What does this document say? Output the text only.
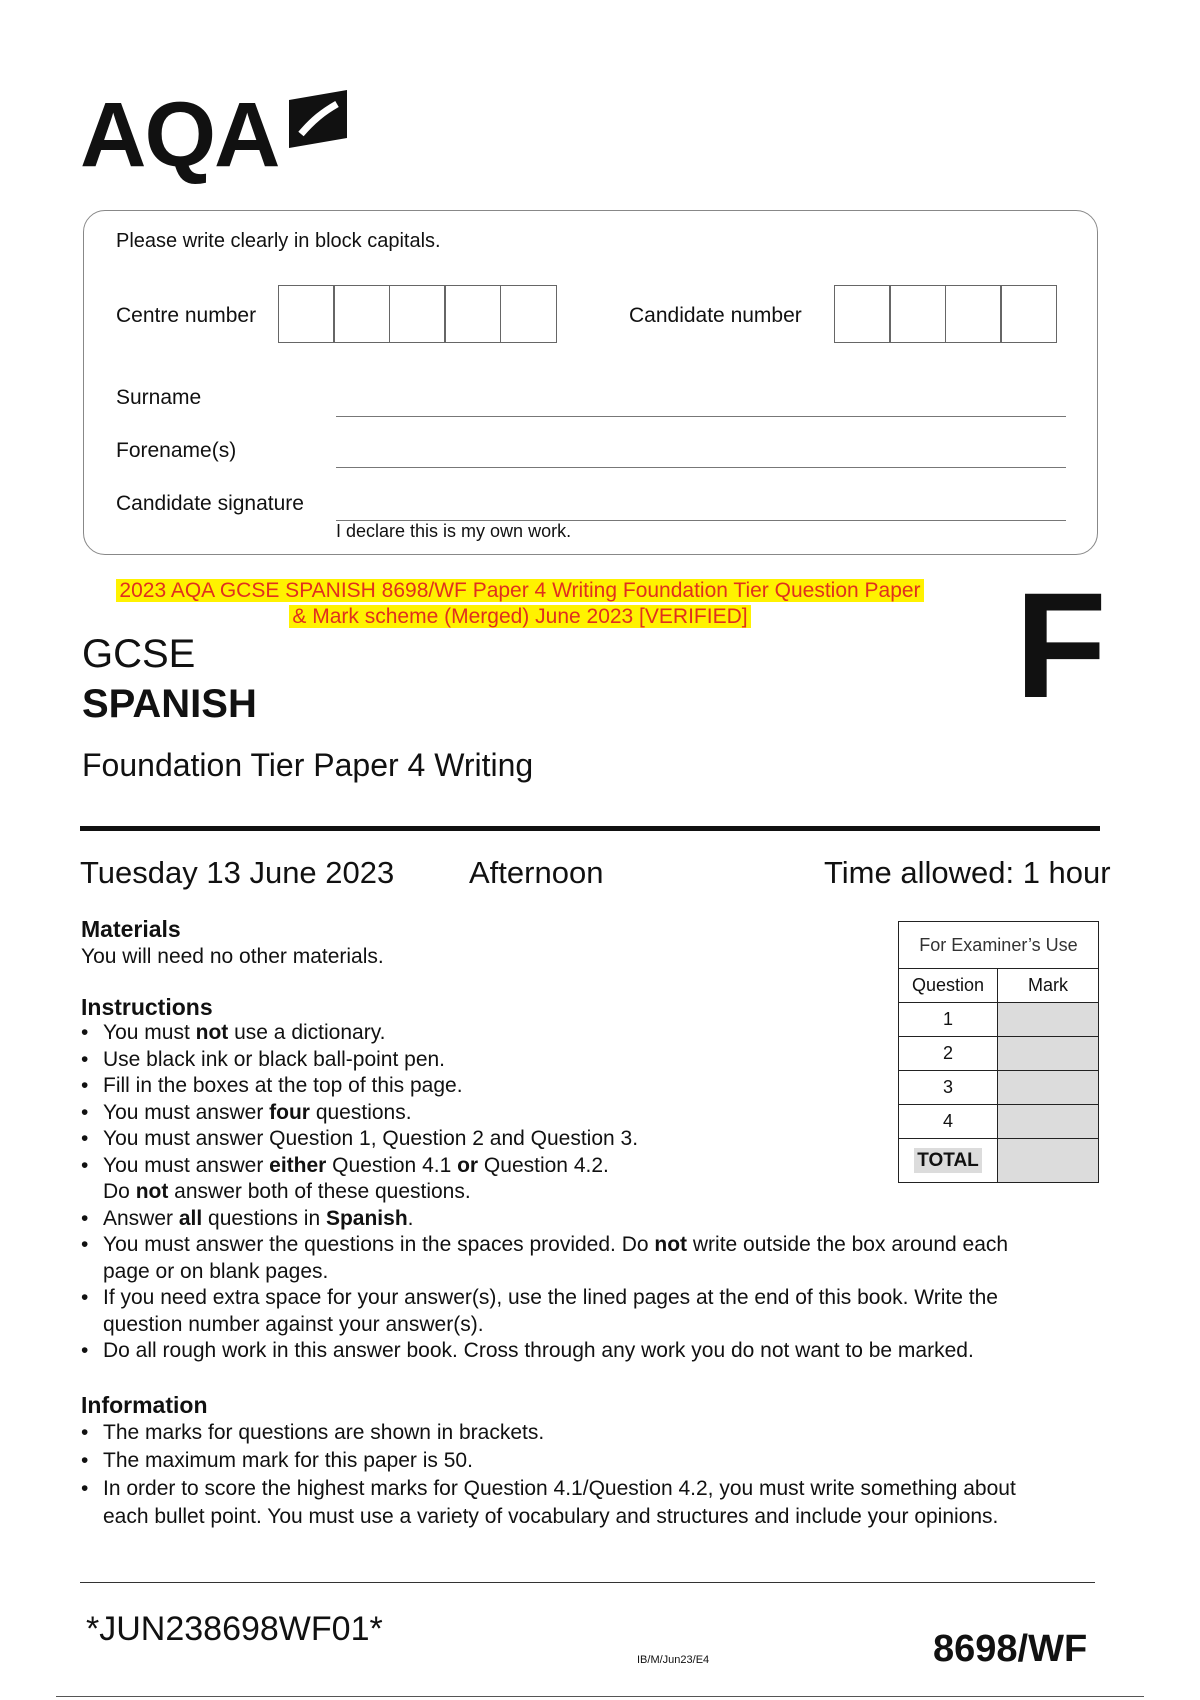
AQA
Please write clearly in block capitals.
Centre number	Candidate number
Surname
Forename(s)
Candidate signature
I declare this is my own work.
2023 AQA GCSE SPANISH 8698/WF Paper 4 Writing Foundation Tier Question Paper
& Mark scheme (Merged) June 2023 [VERIFIED]	F
GCSE
SPANISH
Foundation Tier Paper 4 Writing
Tuesday 13 June 2023 Afternoon	Time allowed: 1 hour
Materials
You will need no other materials.
Instructions
• You must not use a dictionary.
• Use black ink or black ball-point pen.
• Fill in the boxes at the top of this page.
• You must answer four questions.
• You must answer Question 1, Question 2 and Question 3.
• You must answer either Question 4.1 or Question 4.2.
Do not answer both of these questions.
• Answer all questions in Spanish.
• You must answer the questions in the spaces provided. Do not write outside the box around each
page or on blank pages.
• If you need extra space for your answer(s), use the lined pages at the end of this book. Write the
question number against your answer(s).
• Do all rough work in this answer book. Cross through any work you do not want to be marked.
Information
• The marks for questions are shown in brackets.
• The maximum mark for this paper is 50.
• In order to score the highest marks for Question 4.1/Question 4.2, you must write something about
each bullet point. You must use a variety of vocabulary and structures and include your opinions.
For Examiner’s Use	
Question	Mark
1	
2	
3	
4	
TOTAL	
*JUN238698WF01*
IB/M/Jun23/E4	8698/WF
